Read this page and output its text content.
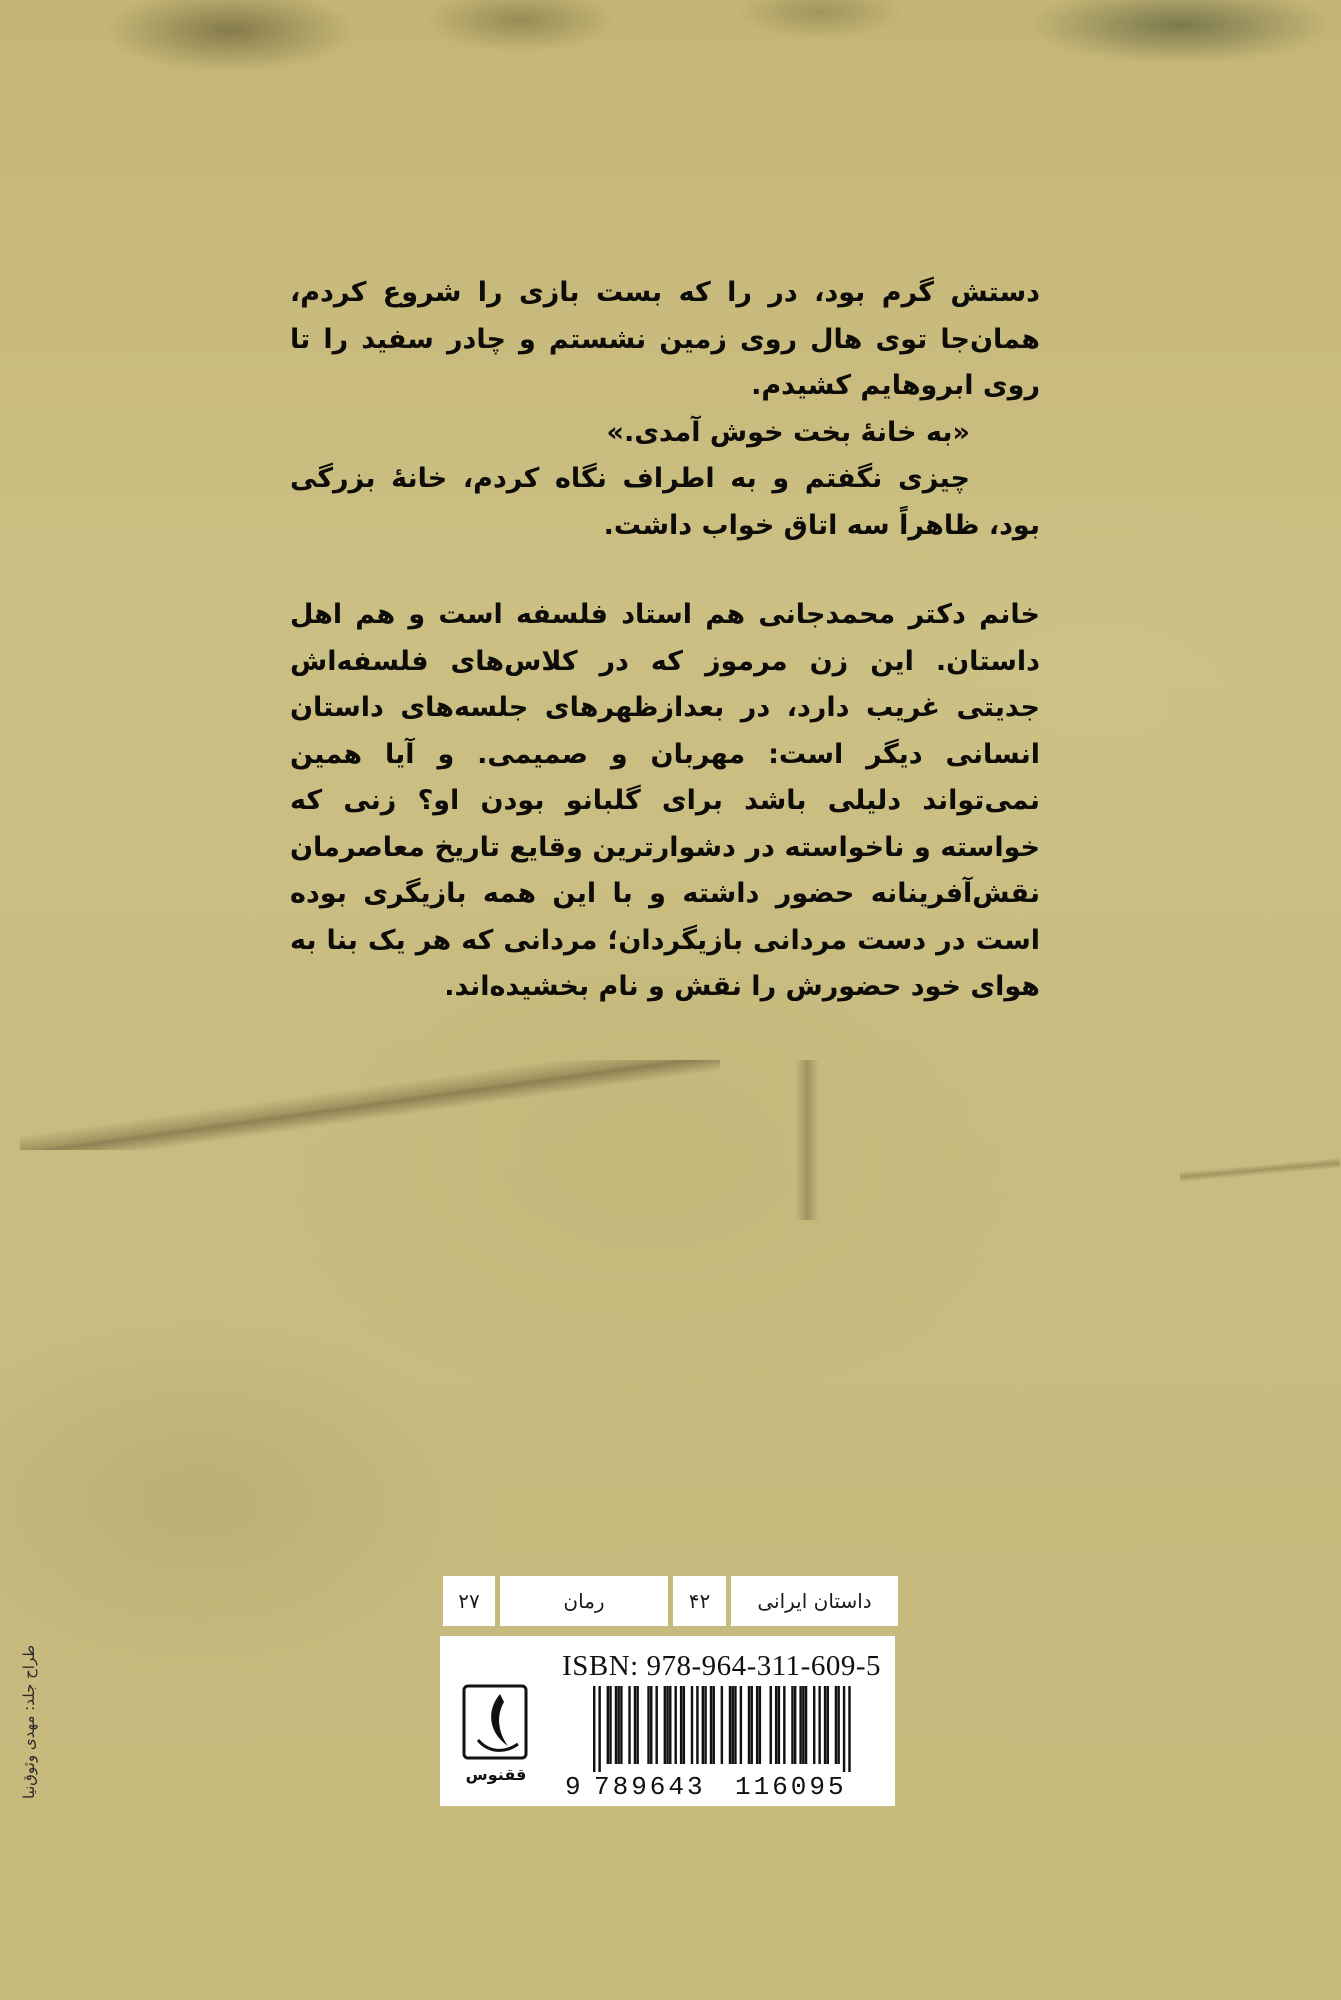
دستش گرم بود، در را که بست بازی را شروع کردم، همان‌جا توی هال روی زمین نشستم و چادر سفید را تا روی ابروهایم کشیدم.

«به خانهٔ بخت خوش آمدی.»

چیزی نگفتم و به اطراف نگاه کردم، خانهٔ بزرگی بود، ظاهراً سه اتاق خواب داشت.

خانم دکتر محمدجانی هم استاد فلسفه است و هم اهل داستان. این زن مرموز که در کلاس‌های فلسفه‌اش جدیتی غریب دارد، در بعدازظهرهای جلسه‌های داستان انسانی دیگر است: مهربان و صمیمی. و آیا همین نمی‌تواند دلیلی باشد برای گلبانو بودن او؟ زنی که خواسته و ناخواسته در دشوارترین وقایع تاریخ معاصرمان نقش‌آفرینانه حضور داشته و با این همه بازیگری بوده است در دست مردانی بازیگردان؛ مردانی که هر یک بنا به هوای خود حضورش را نقش و نام بخشیده‌اند.

داستان ایرانی
۴۲
رمان
۲۷
ISBN: 978-964-311-609-5
ققنوس 9 789643 116095
طراح جلد: مهدی وثوق‌نیا
